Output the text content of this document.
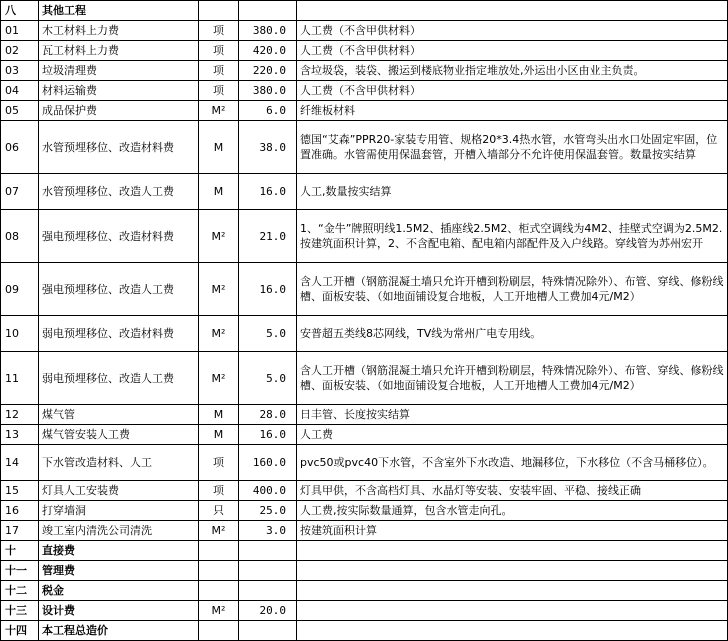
八	其他工程			
01	木工材料上力费	项	380.0	人工费（不含甲供材料）
02	瓦工材料上力费	项	420.0	人工费（不含甲供材料）
03	垃圾清理费	项	220.0	含垃圾袋，装袋、搬运到楼底物业指定堆放处,外运出小区由业主负责。
04	材料运输费	项	380.0	人工费（不含甲供材料）
05	成品保护费	M²	6.0	纤维板材料
06	水管预埋移位、改造材料费	M	38.0	德国“艾森”PPR20-家装专用管、规格20*3.4热水管，水管弯头出水口处固定牢固，位置准确。水管需使用保温套管，开槽入墙部分不允许使用保温套管。数量按实结算
07	水管预埋移位、改造人工费	M	16.0	人工,数量按实结算
08	强电预埋移位、改造材料费	M²	21.0	1、“金牛”牌照明线1.5M2、插座线2.5M2、柜式空调线为4M2、挂壁式空调为2.5M2.按建筑面积计算，2、不含配电箱、配电箱内部配件及入户线路。穿线管为苏州宏开
09	强电预埋移位、改造人工费	M²	16.0	含人工开槽（钢筋混凝土墙只允许开槽到粉刷层，特殊情况除外）、布管、穿线、修粉线槽、面板安装、（如地面铺设复合地板，人工开地槽人工费加4元/M2）
10	弱电预埋移位、改造材料费	M²	5.0	安普超五类线8芯网线，TV线为常州广电专用线。
11	弱电预埋移位、改造人工费	M²	5.0	含人工开槽（钢筋混凝土墙只允许开槽到粉刷层，特殊情况除外）、布管、穿线、修粉线槽、面板安装、（如地面铺设复合地板，人工开地槽人工费加4元/M2）
12	煤气管	M	28.0	日丰管、长度按实结算
13	煤气管安装人工费	M	16.0	人工费
14	下水管改造材料、人工	项	160.0	pvc50或pvc40下水管，不含室外下水改造、地漏移位，下水移位（不含马桶移位）。
15	灯具人工安装费	项	400.0	灯具甲供，不含高档灯具、水晶灯等安装、安装牢固、平稳、接线正确
16	打穿墙洞	只	25.0	人工费,按实际数量通算，包含水管走向孔。
17	竣工室内清洗公司清洗	M²	3.0	按建筑面积计算
十	直接费			
十一	管理费			
十二	税金			
十三	设计费	M²	20.0	
十四	本工程总造价			
